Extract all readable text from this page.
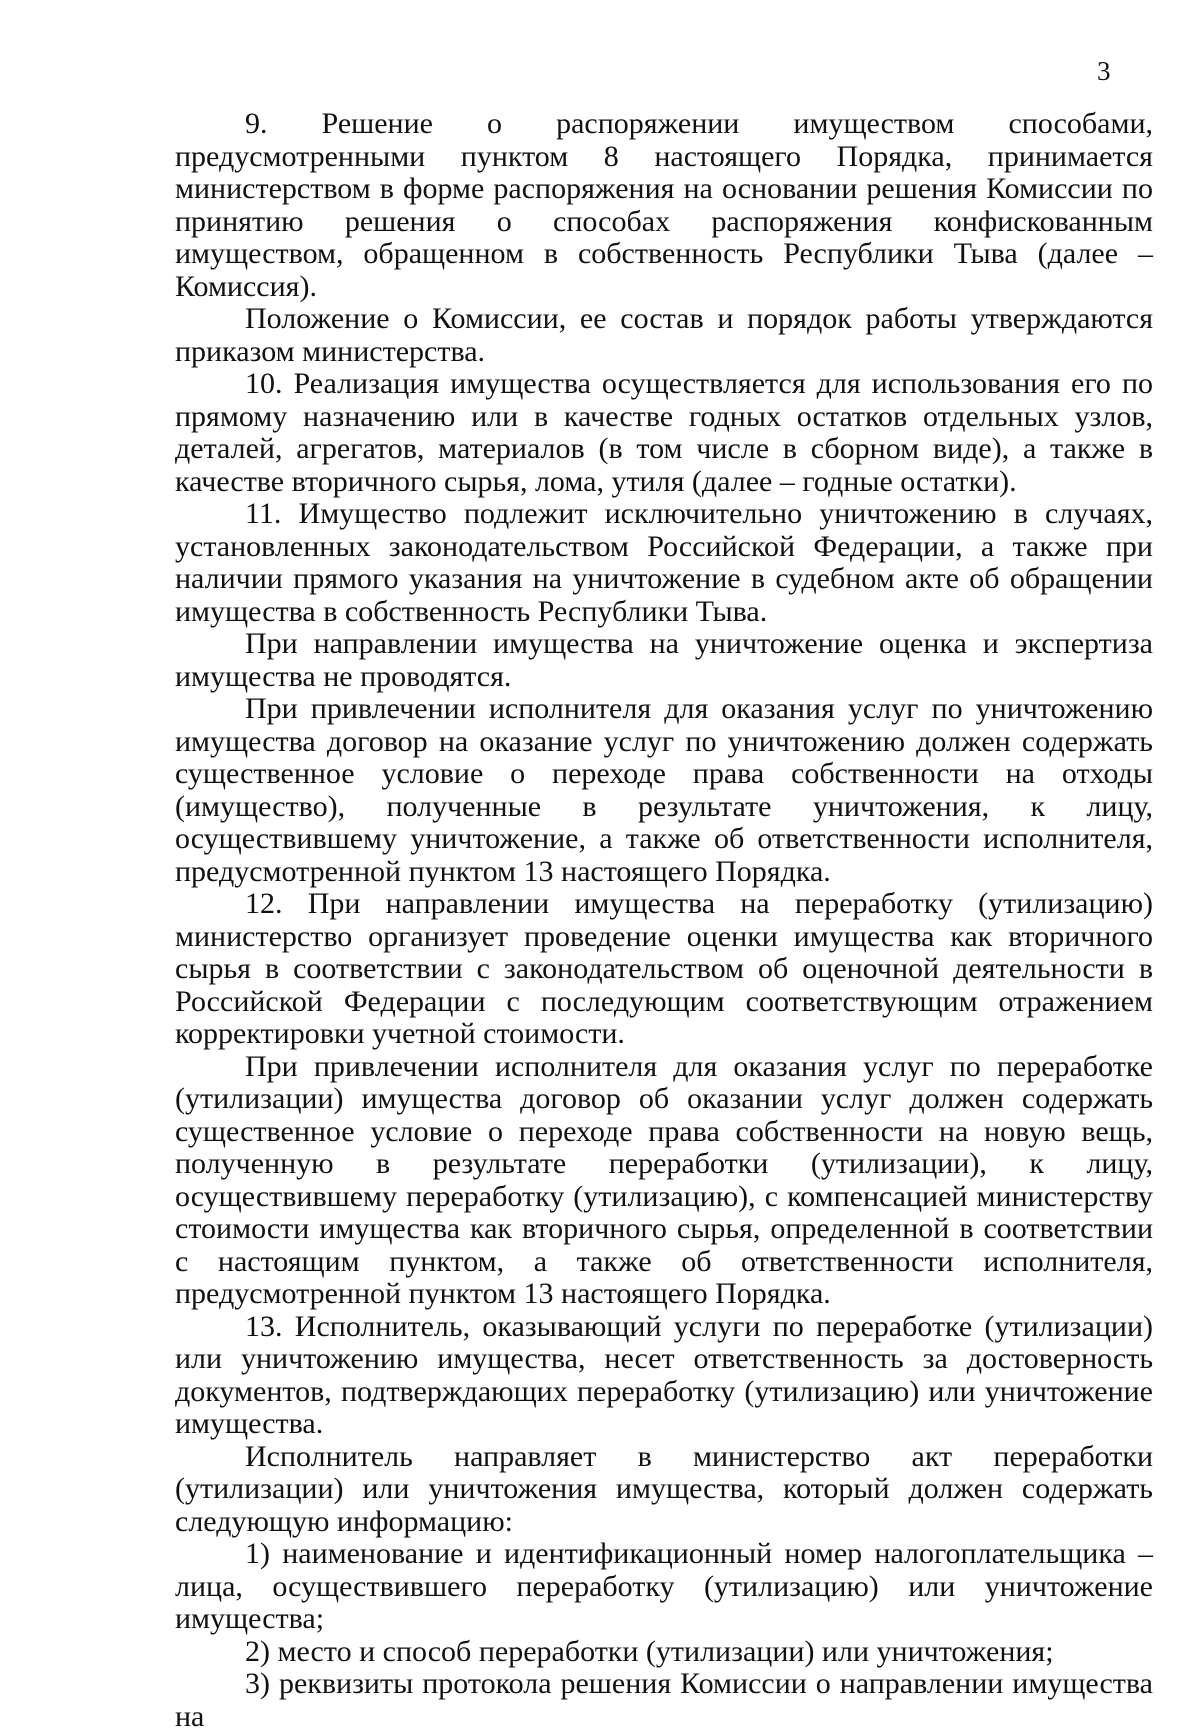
3

9. Решение о распоряжении имуществом способами, предусмотренными пунктом 8 настоящего Порядка, принимается министерством в форме распоряжения на основании решения Комиссии по принятию решения о способах распоряжения конфискованным имуществом, обращенном в собственность Республики Тыва (далее – Комиссия).

Положение о Комиссии, ее состав и порядок работы утверждаются приказом министерства.

10. Реализация имущества осуществляется для использования его по прямому назначению или в качестве годных остатков отдельных узлов, деталей, агрегатов, материалов (в том числе в сборном виде), а также в качестве вторичного сырья, лома, утиля (далее – годные остатки).

11. Имущество подлежит исключительно уничтожению в случаях, установленных законодательством Российской Федерации, а также при наличии прямого указания на уничтожение в судебном акте об обращении имущества в собственность Республики Тыва.

При направлении имущества на уничтожение оценка и экспертиза имущества не проводятся.

При привлечении исполнителя для оказания услуг по уничтожению имущества договор на оказание услуг по уничтожению должен содержать существенное условие о переходе права собственности на отходы (имущество), полученные в результате уничтожения, к лицу, осуществившему уничтожение, а также об ответственности исполнителя, предусмотренной пунктом 13 настоящего Порядка.

12. При направлении имущества на переработку (утилизацию) министерство организует проведение оценки имущества как вторичного сырья в соответствии с законодательством об оценочной деятельности в Российской Федерации с последующим соответствующим отражением корректировки учетной стоимости.

При привлечении исполнителя для оказания услуг по переработке (утилизации) имущества договор об оказании услуг должен содержать существенное условие о переходе права собственности на новую вещь, полученную в результате переработки (утилизации), к лицу, осуществившему переработку (утилизацию), с компенсацией министерству стоимости имущества как вторичного сырья, определенной в соответствии с настоящим пунктом, а также об ответственности исполнителя, предусмотренной пунктом 13 настоящего Порядка.

13. Исполнитель, оказывающий услуги по переработке (утилизации) или уничтожению имущества, несет ответственность за достоверность документов, подтверждающих переработку (утилизацию) или уничтожение имущества.

Исполнитель направляет в министерство акт переработки (утилизации) или уничтожения имущества, который должен содержать следующую информацию:

1) наименование и идентификационный номер налогоплательщика – лица, осуществившего переработку (утилизацию) или уничтожение имущества;

2) место и способ переработки (утилизации) или уничтожения;

3) реквизиты протокола решения Комиссии о направлении имущества на
